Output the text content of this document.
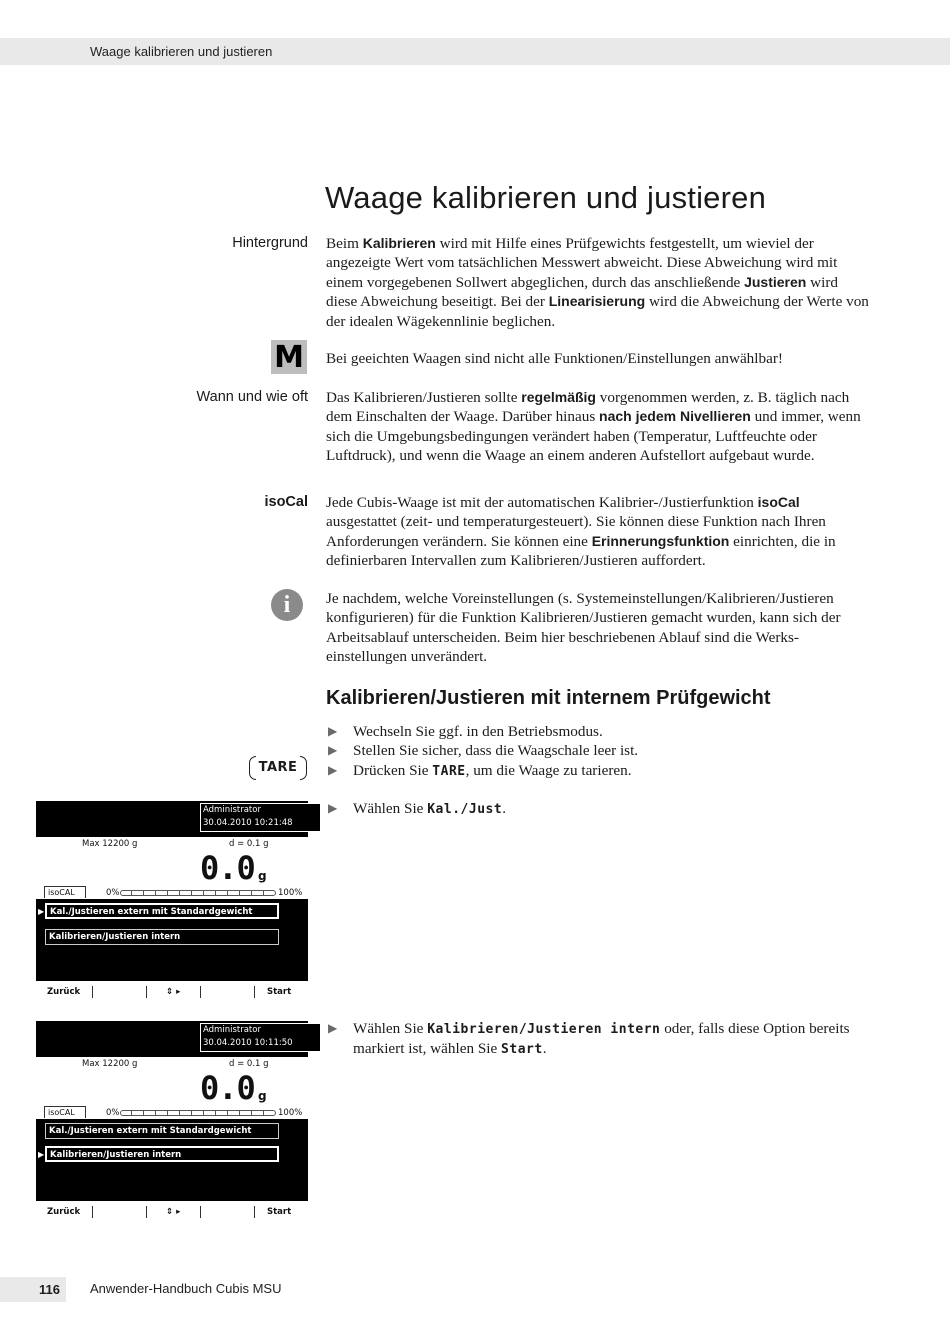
Waage kalibrieren und justieren
Waage kalibrieren und justieren
Hintergrund Beim Kalibrieren wird mit Hilfe eines Prüfgewichts festgestellt, um wieviel der angezeigte Wert vom tatsächlichen Messwert abweicht. Diese Abweichung wird mit einem vorgegebenen Sollwert abgeglichen, durch das anschließende Justieren wird diese Abweichung beseitigt. Bei der Linearisierung wird die Abweichung der Werte von der idealen Wägekennlinie beglichen.

M Bei geeichten Waagen sind nicht alle Funktionen/Einstellungen anwählbar!

Wann und wie oft Das Kalibrieren/Justieren sollte regelmäßig vorgenommen werden, z. B. täglich nach dem Einschalten der Waage. Darüber hinaus nach jedem Nivellieren und immer, wenn sich die Umgebungsbedingungen verändert haben (Temperatur, Luftfeuchte oder Luftdruck), und wenn die Waage an einem anderen Aufstellort aufgebaut wurde.

isoCal Jede Cubis-Waage ist mit der automatischen Kalibrier-/Justierfunktion isoCal ausgestattet (zeit- und temperaturgesteuert). Sie können diese Funktion nach Ihren Anforderungen verändern. Sie können eine Erinnerungsfunktion einrichten, die in definierbaren Intervallen zum Kalibrieren/Justieren auffordert.

i	Je nachdem, welche Voreinstellungen (s. Systemeinstellungen/Kalibrieren/Justieren konfigurieren) für die Funktion Kalibrieren/Justieren gemacht wurden, kann sich der Arbeitsablauf unterscheiden. Beim hier beschriebenen Ablauf sind die Werks-einstellungen unverändert.

Kalibrieren/Justieren mit internem Prüfgewicht
TARE
▶ Wechseln Sie ggf. in den Betriebsmodus.
▶ Stellen Sie sicher, dass die Waagschale leer ist.
▶ Drücken Sie TARE, um die Waage zu tarieren.
▶ Wählen Sie Kal./Just.
▶ Wählen Sie Kalibrieren/Justieren intern oder, falls diese Option bereits markiert ist, wählen Sie Start.
Administrator
30.04.2010 10:21:48
Max 12200 g	d = 0.1 g
0.0 g
isoCAL	0%	100%
▶ Kal./Justieren extern mit Standardgewicht
Kalibrieren/Justieren intern
Zurück	⇕ ▸	Start
Administrator
30.04.2010 10:11:50
Max 12200 g	d = 0.1 g
0.0 g
isoCAL	0%	100%
▶
Kal./Justieren extern mit Standardgewicht
Kalibrieren/Justieren intern
Zurück	⇕ ▸	Start
116	Anwender-Handbuch Cubis MSU
